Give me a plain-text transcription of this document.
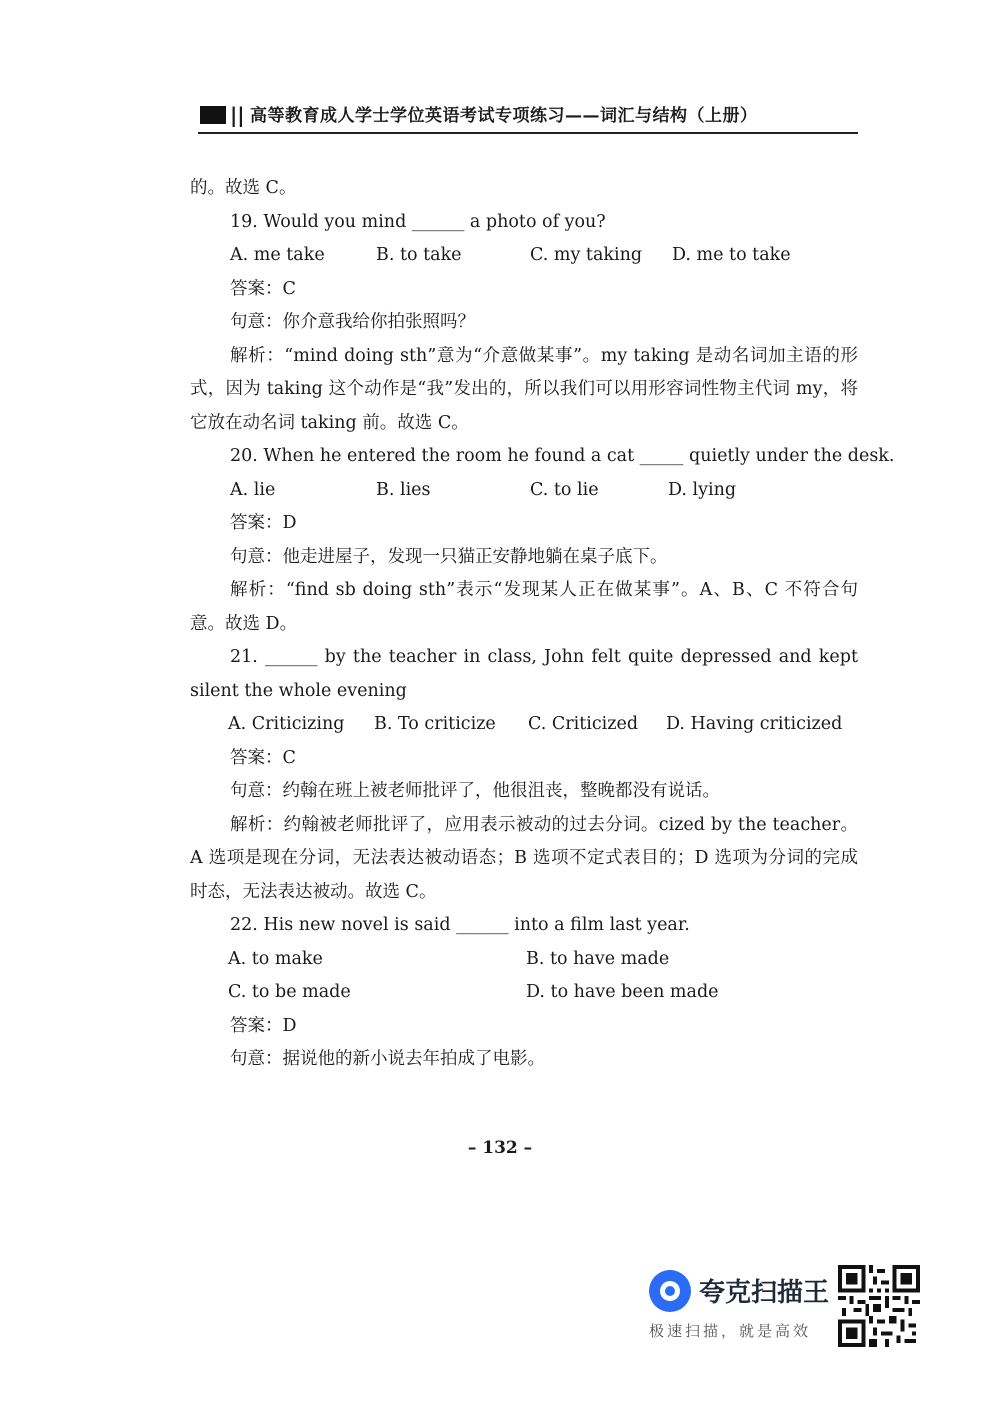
|| 高等教育成人学士学位英语考试专项练习——词汇与结构（上册）
的。故选 C。
19. Would you mind ______ a photo of you?
A. me take	B. to take	C. my taking D. me to take
答案：C
句意：你介意我给你拍张照吗？
解析：“mind doing sth”意为“介意做某事”。my taking 是动名词加主语的形式，因为 taking 这个动作是“我”发出的，所以我们可以用形容词性物主代词 my，将它放在动名词 taking 前。故选 C。
20. When he entered the room he found a cat _____ quietly under the desk.
A. lie	B. lies	C. to lie	D. lying
答案：D
句意：他走进屋子，发现一只猫正安静地躺在桌子底下。
解析：“find sb doing sth”表示“发现某人正在做某事”。A、B、C 不符合句意。故选 D。
21. ______ by the teacher in class, John felt quite depressed and kept silent the whole evening
A. Criticizing B. To criticize C. Criticized D. Having criticized
答案：C
句意：约翰在班上被老师批评了，他很沮丧，整晚都没有说话。
解析：约翰被老师批评了，应用表示被动的过去分词。cized by the teacher。A 选项是现在分词，无法表达被动语态；B 选项不定式表目的；D 选项为分词的完成时态，无法表达被动。故选 C。
22. His new novel is said ______ into a film last year.
A. to make	B. to have made
C. to be made	D. to have been made
答案：D
句意：据说他的新小说去年拍成了电影。
– 132 –
夸克扫描王
极速扫描，就是高效
